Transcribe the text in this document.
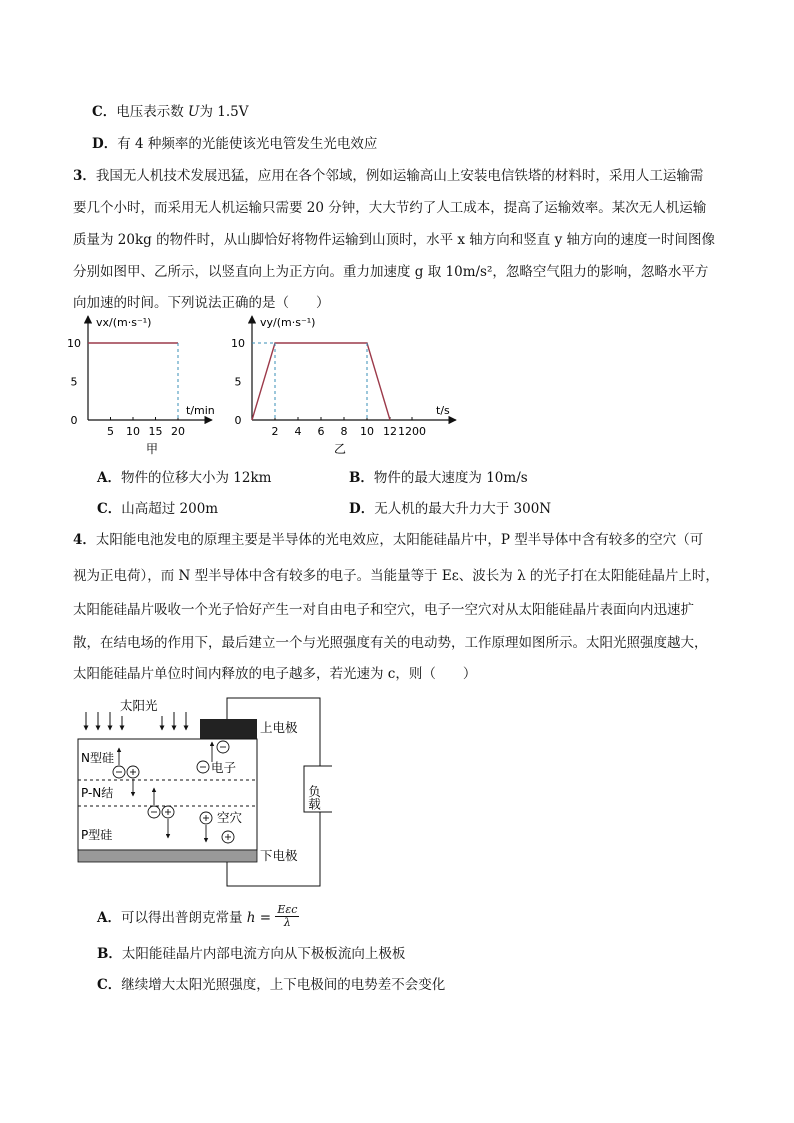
C．电压表示数 U为 1.5V
D．有 4 种频率的光能使该光电管发生光电效应
3．我国无人机技术发展迅猛，应用在各个邻域，例如运输高山上安装电信铁塔的材料时，采用人工运输需
要几个小时，而采用无人机运输只需要 20 分钟，大大节约了人工成本，提高了运输效率。某次无人机运输
质量为 20kg 的物件时，从山脚恰好将物件运输到山顶时，水平 x 轴方向和竖直 y 轴方向的速度一时间图像
分别如图甲、乙所示，以竖直向上为正方向。重力加速度 g 取 10m/s²，忽略空气阻力的影响，忽略水平方
向加速的时间。下列说法正确的是（　　）
vx/(m·s⁻¹)
t/min
甲
0
5
10
5 10 15 20
vy/(m·s⁻¹)
t/s
乙
0
5
10
2 4 6 8 10 12 1200
A．物件的位移大小为 12km	B．物件的最大速度为 10m/s
C．山高超过 200m	D．无人机的最大升力大于 300N
4．太阳能电池发电的原理主要是半导体的光电效应，太阳能硅晶片中，P 型半导体中含有较多的空穴（可
视为正电荷），而 N 型半导体中含有较多的电子。当能量等于 Eε、波长为 λ 的光子打在太阳能硅晶片上时，
太阳能硅晶片吸收一个光子恰好产生一对自由电子和空穴，电子一空穴对从太阳能硅晶片表面向内迅速扩
散，在结电场的作用下，最后建立一个与光照强度有关的电动势，工作原理如图所示。太阳光照强度越大，
太阳能硅晶片单位时间内释放的电子越多，若光速为 c，则（　　）
太阳光
上电极
下电极
N型硅
P-N结
P型硅
电子
空穴
负载
A．可以得出普朗克常量 h =
Eεc
λ
B．太阳能硅晶片内部电流方向从下极板流向上极板
C．继续增大太阳光照强度，上下电极间的电势差不会变化
